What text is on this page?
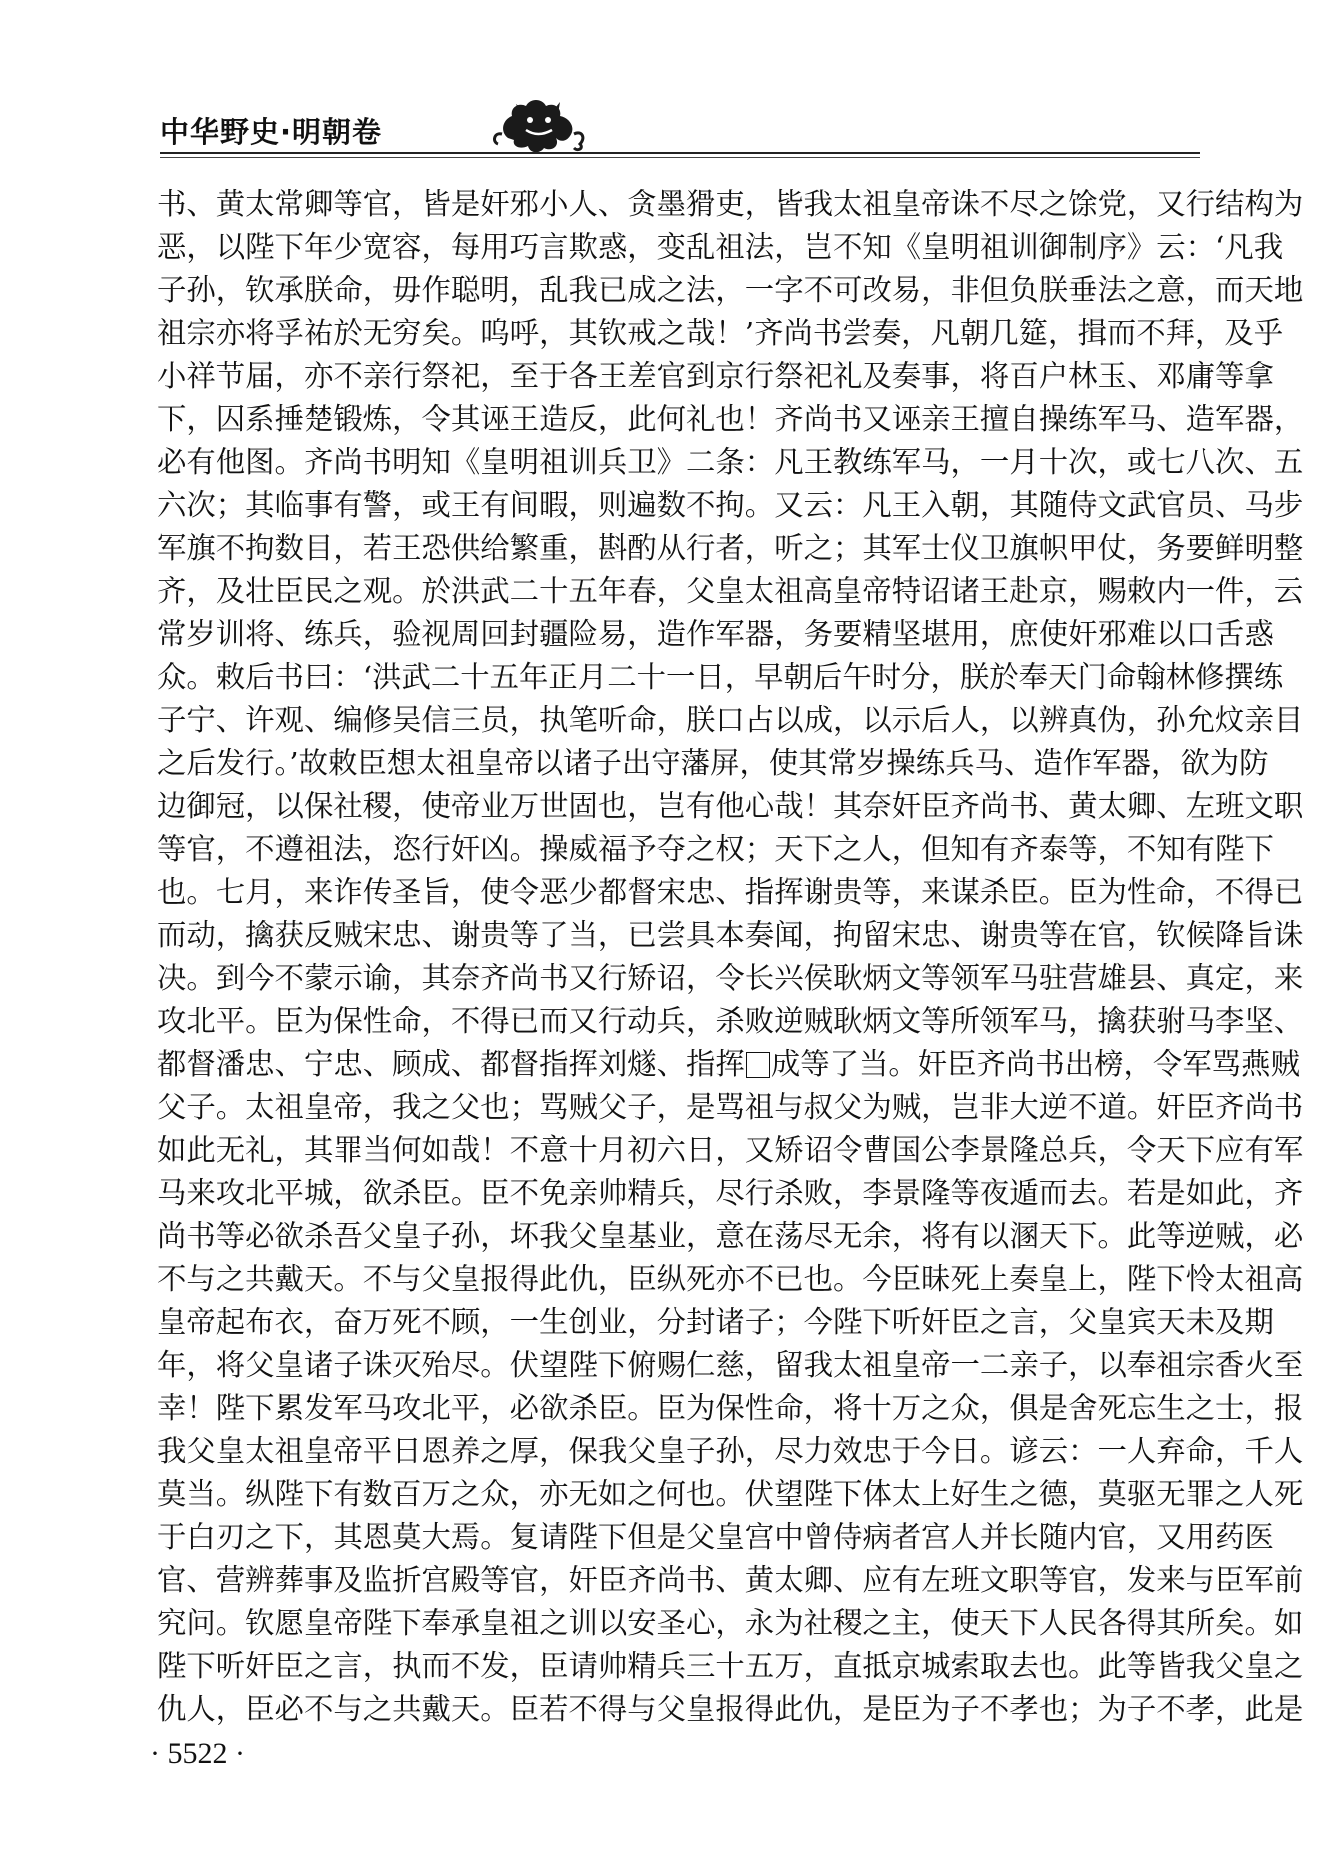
中华野史·明朝卷
书、黄太常卿等官，皆是奸邪小人、贪墨猾吏，皆我太祖皇帝诛不尽之馀党，又行结构为
恶，以陛下年少宽容，每用巧言欺惑，变乱祖法，岂不知《皇明祖训御制序》云：‘凡我
子孙，钦承朕命，毋作聪明，乱我已成之法，一字不可改易，非但负朕垂法之意，而天地
祖宗亦将孚祐於无穷矣。呜呼，其钦戒之哉！’齐尚书尝奏，凡朝几筵，揖而不拜，及乎
小祥节届，亦不亲行祭祀，至于各王差官到京行祭祀礼及奏事，将百户林玉、邓庸等拿
下，囚系捶楚锻炼，令其诬王造反，此何礼也！齐尚书又诬亲王擅自操练军马、造军器，
必有他图。齐尚书明知《皇明祖训兵卫》二条：凡王教练军马，一月十次，或七八次、五
六次；其临事有警，或王有间暇，则遍数不拘。又云：凡王入朝，其随侍文武官员、马步
军旗不拘数目，若王恐供给繁重，斟酌从行者，听之；其军士仪卫旗帜甲仗，务要鲜明整
齐，及壮臣民之观。於洪武二十五年春，父皇太祖高皇帝特诏诸王赴京，赐敕内一件，云
常岁训将、练兵，验视周回封疆险易，造作军器，务要精坚堪用，庶使奸邪难以口舌惑
众。敕后书曰：‘洪武二十五年正月二十一日，早朝后午时分，朕於奉天门命翰林修撰练
子宁、许观、编修吴信三员，执笔听命，朕口占以成，以示后人，以辨真伪，孙允炆亲目
之后发行。’故敕臣想太祖皇帝以诸子出守藩屏，使其常岁操练兵马、造作军器，欲为防
边御冠，以保社稷，使帝业万世固也，岂有他心哉！其奈奸臣齐尚书、黄太卿、左班文职
等官，不遵祖法，恣行奸凶。操威福予夺之权；天下之人，但知有齐泰等，不知有陛下
也。七月，来诈传圣旨，使令恶少都督宋忠、指挥谢贵等，来谋杀臣。臣为性命，不得已
而动，擒获反贼宋忠、谢贵等了当，已尝具本奏闻，拘留宋忠、谢贵等在官，钦候降旨诛
决。到今不蒙示谕，其奈齐尚书又行矫诏，令长兴侯耿炳文等领军马驻营雄县、真定，来
攻北平。臣为保性命，不得已而又行动兵，杀败逆贼耿炳文等所领军马，擒获驸马李坚、
都督潘忠、宁忠、顾成、都督指挥刘燧、指挥 成等了当。奸臣齐尚书出榜，令军骂燕贼
父子。太祖皇帝，我之父也；骂贼父子，是骂祖与叔父为贼，岂非大逆不道。奸臣齐尚书
如此无礼，其罪当何如哉！不意十月初六日，又矫诏令曹国公李景隆总兵，令天下应有军
马来攻北平城，欲杀臣。臣不免亲帅精兵，尽行杀败，李景隆等夜遁而去。若是如此，齐
尚书等必欲杀吾父皇子孙，坏我父皇基业，意在荡尽无余，将有以溷天下。此等逆贼，必
不与之共戴天。不与父皇报得此仇，臣纵死亦不已也。今臣昧死上奏皇上，陛下怜太祖高
皇帝起布衣，奋万死不顾，一生创业，分封诸子；今陛下听奸臣之言，父皇宾天未及期
年，将父皇诸子诛灭殆尽。伏望陛下俯赐仁慈，留我太祖皇帝一二亲子，以奉祖宗香火至
幸！陛下累发军马攻北平，必欲杀臣。臣为保性命，将十万之众，俱是舍死忘生之士，报
我父皇太祖皇帝平日恩养之厚，保我父皇子孙，尽力效忠于今日。谚云：一人弃命，千人
莫当。纵陛下有数百万之众，亦无如之何也。伏望陛下体太上好生之德，莫驱无罪之人死
于白刃之下，其恩莫大焉。复请陛下但是父皇宫中曾侍病者宫人并长随内官，又用药医
官、营辨葬事及监折宫殿等官，奸臣齐尚书、黄太卿、应有左班文职等官，发来与臣军前
究问。钦愿皇帝陛下奉承皇祖之训以安圣心，永为社稷之主，使天下人民各得其所矣。如
陛下听奸臣之言，执而不发，臣请帅精兵三十五万，直抵京城索取去也。此等皆我父皇之
仇人，臣必不与之共戴天。臣若不得与父皇报得此仇，是臣为子不孝也；为子不孝，此是
· 5522 ·
